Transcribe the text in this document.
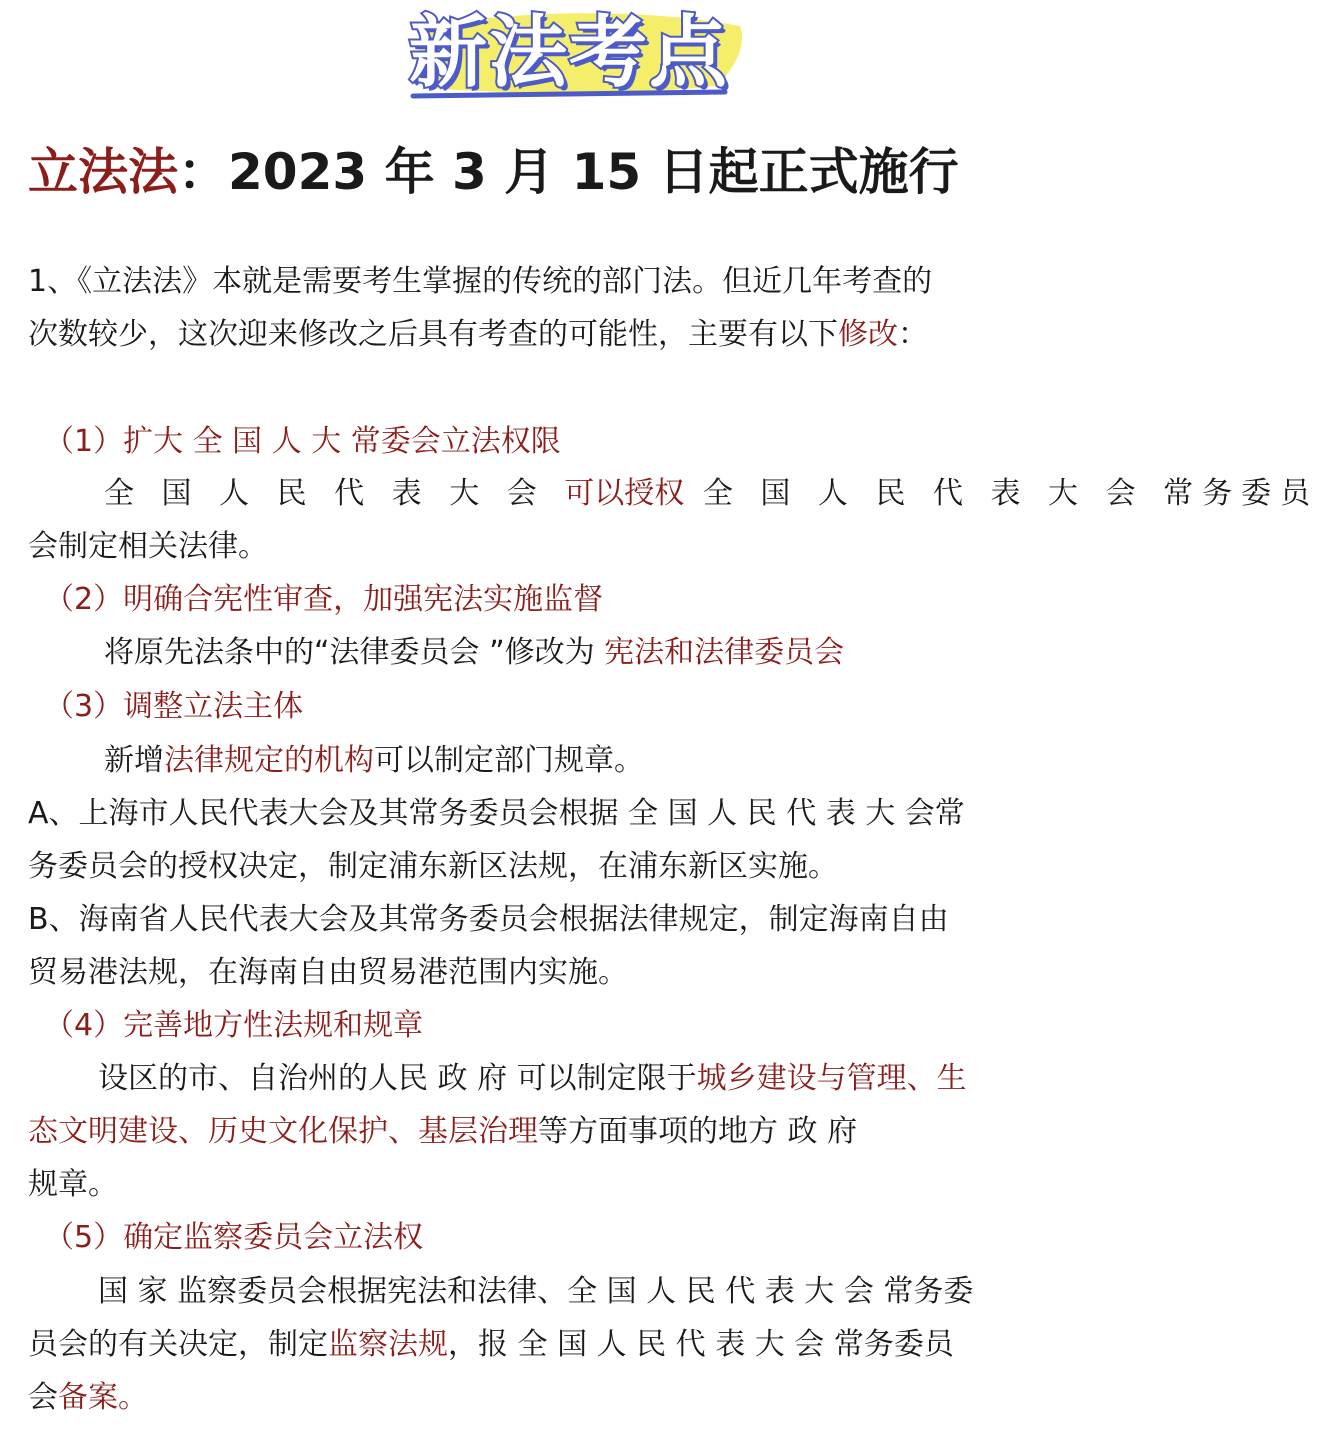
新法考点
立法法：2023 年 3 月 15 日起正式施行
1、《立法法》本就是需要考生掌握的传统的部门法。但近几年考查的
次数较少，这次迎来修改之后具有考查的可能性，主要有以下修改：
（1）扩大 全 国 人 大 常委会立法权限
全 国 人 民 代 表 大 会 可以授权 全 国 人 民 代 表 大 会 常务委员
会制定相关法律。
（2）明确合宪性审查，加强宪法实施监督
将原先法条中的“法律委员会 ”修改为 宪法和法律委员会
（3）调整立法主体
新增法律规定的机构可以制定部门规章。
A、上海市人民代表大会及其常务委员会根据 全 国 人 民 代 表 大 会常
务委员会的授权决定，制定浦东新区法规，在浦东新区实施。
B、海南省人民代表大会及其常务委员会根据法律规定，制定海南自由
贸易港法规，在海南自由贸易港范围内实施。
（4）完善地方性法规和规章
设区的市、自治州的人民 政 府 可以制定限于城乡建设与管理、生
态文明建设、历史文化保护、基层治理等方面事项的地方 政 府
规章。
（5）确定监察委员会立法权
国 家 监察委员会根据宪法和法律、全 国 人 民 代 表 大 会 常务委
员会的有关决定，制定监察法规，报 全 国 人 民 代 表 大 会 常务委员
会备案。
